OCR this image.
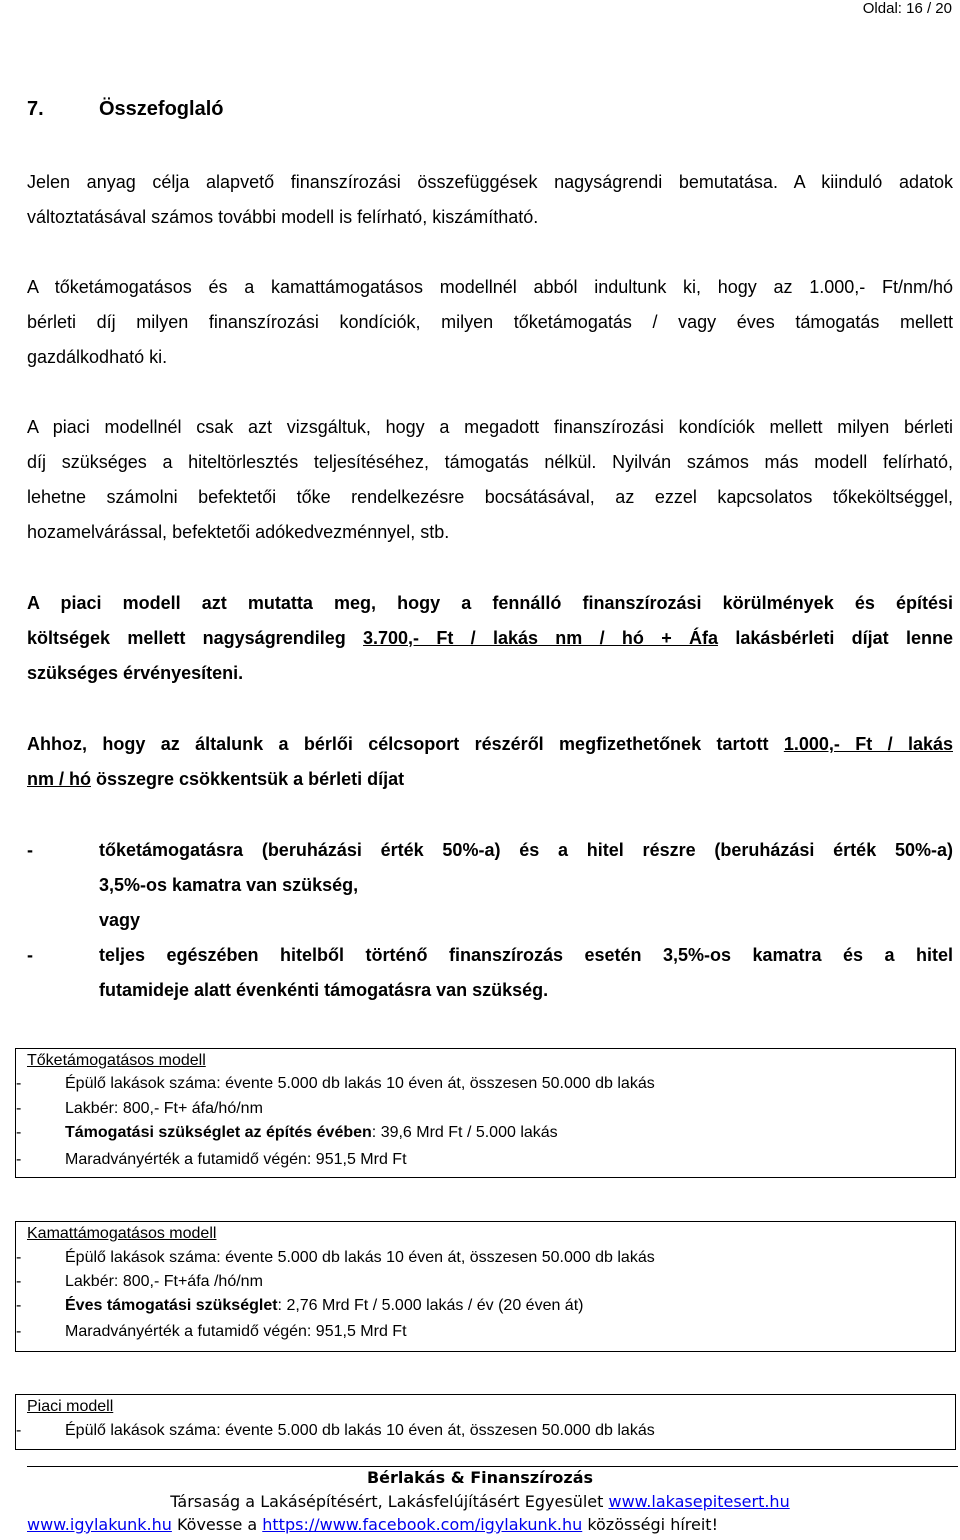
Oldal: 16 / 20
7.	Összefoglaló
Jelen anyag célja alapvető finanszírozási összefüggések nagyságrendi bemutatása. A kiinduló adatok
változtatásával számos további modell is felírható, kiszámítható.
A tőketámogatásos és a kamattámogatásos modellnél abból indultunk ki, hogy az 1.000,- Ft/nm/hó
bérleti díj milyen finanszírozási kondíciók, milyen tőketámogatás / vagy éves támogatás mellett
gazdálkodható ki.
A piaci modellnél csak azt vizsgáltuk, hogy a megadott finanszírozási kondíciók mellett milyen bérleti
díj szükséges a hiteltörlesztés teljesítéséhez, támogatás nélkül. Nyilván számos más modell felírható,
lehetne számolni befektetői tőke rendelkezésre bocsátásával, az ezzel kapcsolatos tőkeköltséggel,
hozamelvárással, befektetői adókedvezménnyel, stb.
A piaci modell azt mutatta meg, hogy a fennálló finanszírozási körülmények és építési
költségek mellett nagyságrendileg 3.700,- Ft / lakás nm / hó + Áfa lakásbérleti díjat lenne
szükséges érvényesíteni.
Ahhoz, hogy az általunk a bérlői célcsoport részéről megfizethetőnek tartott 1.000,- Ft / lakás
nm / hó összegre csökkentsük a bérleti díjat
-	tőketámogatásra (beruházási érték 50%-a) és a hitel részre (beruházási érték 50%-a)
3,5%-os kamatra van szükség,
vagy
-	teljes egészében hitelből történő finanszírozás esetén 3,5%-os kamatra és a hitel
futamideje alatt évenkénti támogatásra van szükség.
Tőketámogatásos modell
-	Épülő lakások száma: évente 5.000 db lakás 10 éven át, összesen 50.000 db lakás
-	Lakbér: 800,- Ft+ áfa/hó/nm
-	Támogatási szükséglet az építés évében: 39,6 Mrd Ft / 5.000 lakás
-	Maradványérték a futamidő végén: 951,5 Mrd Ft
Kamattámogatásos modell
-	Épülő lakások száma: évente 5.000 db lakás 10 éven át, összesen 50.000 db lakás
-	Lakbér: 800,- Ft+áfa /hó/nm
-	Éves támogatási szükséglet: 2,76 Mrd Ft / 5.000 lakás / év (20 éven át)
-	Maradványérték a futamidő végén: 951,5 Mrd Ft
Piaci modell
-	Épülő lakások száma: évente 5.000 db lakás 10 éven át, összesen 50.000 db lakás
Bérlakás & Finanszírozás
Társaság a Lakásépítésért, Lakásfelújításért Egyesület www.lakasepitesert.hu
www.igylakunk.hu Kövesse a https://www.facebook.com/igylakunk.hu közösségi híreit!
